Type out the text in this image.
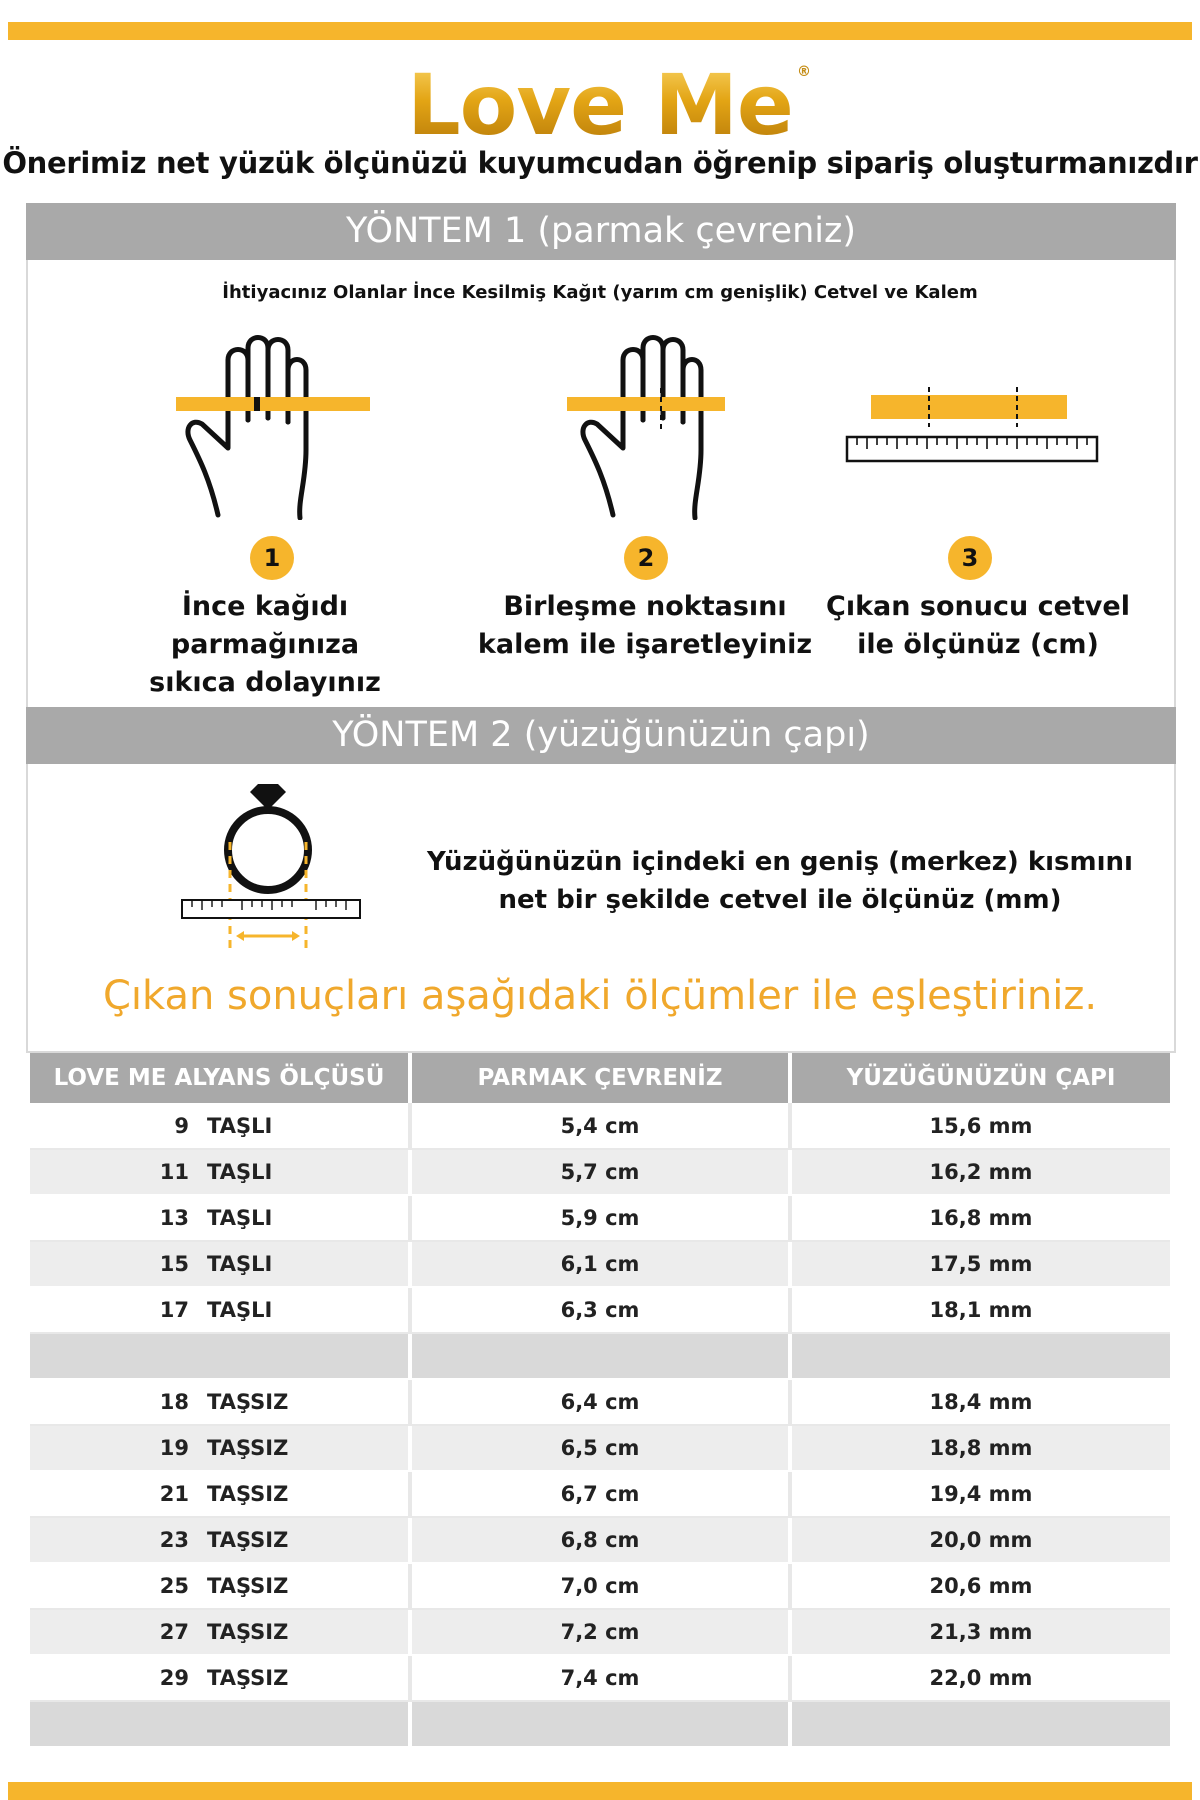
Love Me ®
Önerimiz net yüzük ölçünüzü kuyumcudan öğrenip sipariş oluşturmanızdır
YÖNTEM 1 (parmak çevreniz)
İhtiyacınız Olanlar İnce Kesilmiş Kağıt (yarım cm genişlik) Cetvel ve Kalem
1	2	3
İnce kağıdı parmağınıza
sıkıca dolayınız
Birleşme noktasını
kalem ile işaretleyiniz
Çıkan sonucu cetvel
ile ölçünüz (cm)
YÖNTEM 2 (yüzüğünüzün çapı)
Yüzüğünüzün içindeki en geniş (merkez) kısmını
net bir şekilde cetvel ile ölçünüz (mm)
Çıkan sonuçları aşağıdaki ölçümler ile eşleştiriniz.
LOVE ME ALYANS ÖLÇÜSÜ	PARMAK ÇEVRENİZ	YÜZÜĞÜNÜZÜN ÇAPI
9 TAŞLI	5,4 cm	15,6 mm
11 TAŞLI	5,7 cm	16,2 mm
13 TAŞLI	5,9 cm	16,8 mm
15 TAŞLI	6,1 cm	17,5 mm
17 TAŞLI	6,3 cm	18,1 mm

18 TAŞSIZ	6,4 cm	18,4 mm
19 TAŞSIZ	6,5 cm	18,8 mm
21 TAŞSIZ	6,7 cm	19,4 mm
23 TAŞSIZ	6,8 cm	20,0 mm
25 TAŞSIZ	7,0 cm	20,6 mm
27 TAŞSIZ	7,2 cm	21,3 mm
29 TAŞSIZ	7,4 cm	22,0 mm
